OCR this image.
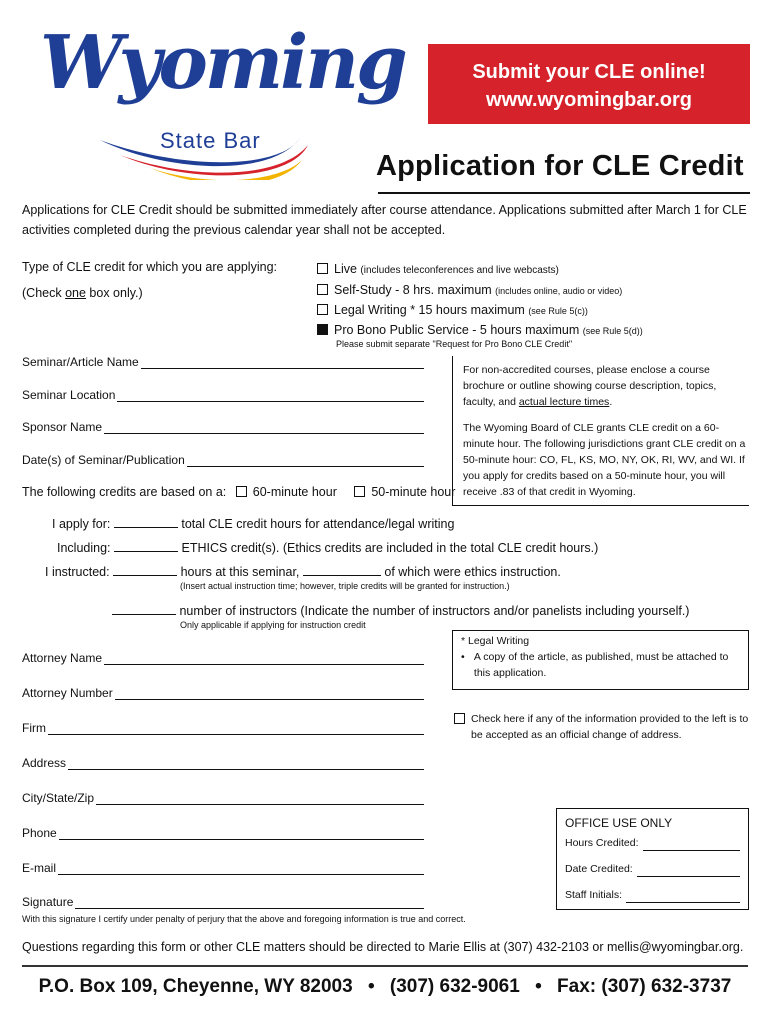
Wyoming
State Bar
Submit your CLE online!
www.wyomingbar.org
Application for CLE Credit
Applications for CLE Credit should be submitted immediately after course attendance. Applications submitted after March 1 for CLE activities completed during the previous calendar year shall not be accepted.
Type of CLE credit for which you are applying:
(Check one box only.)
Live (includes teleconferences and live webcasts)
Self-Study - 8 hrs. maximum (includes online, audio or video)
Legal Writing * 15 hours maximum (see Rule 5(c))
Pro Bono Public Service - 5 hours maximum (see Rule 5(d))
Please submit separate "Request for Pro Bono CLE Credit"
Seminar/Article Name
Seminar Location
Sponsor Name
Date(s) of Seminar/Publication
The following credits are based on a: 60-minute hour	50-minute hour
For non-accredited courses, please enclose a course brochure or outline showing course description, topics, faculty, and actual lecture times.
The Wyoming Board of CLE grants CLE credit on a 60-minute hour. The following jurisdictions grant CLE credit on a 50-minute hour: CO, FL, KS, MO, NY, OK, RI, WV, and WI. If you apply for credits based on a 50-minute hour, you will receive .83 of that credit in Wyoming.
I apply for:	total CLE credit hours for attendance/legal writing
Including:	ETHICS credit(s). (Ethics credits are included in the total CLE credit hours.)
I instructed:	hours at this seminar,	of which were ethics instruction.
(Insert actual instruction time; however, triple credits will be granted for instruction.)
number of instructors (Indicate the number of instructors and/or panelists including yourself.)
Only applicable if applying for instruction credit
* Legal Writing
• A copy of the article, as published, must be attached to this application.
Attorney Name
Attorney Number
Firm
Address
City/State/Zip
Phone
E-mail
Signature
With this signature I certify under penalty of perjury that the above and foregoing information is true and correct.
Check here if any of the information provided to the left is to be accepted as an official change of address.
OFFICE USE ONLY
Hours Credited:
Date Credited:
Staff Initials:
Questions regarding this form or other CLE matters should be directed to Marie Ellis at (307) 432-2103 or mellis@wyomingbar.org.
P.O. Box 109, Cheyenne, WY 82003 • (307) 632-9061 • Fax: (307) 632-3737
